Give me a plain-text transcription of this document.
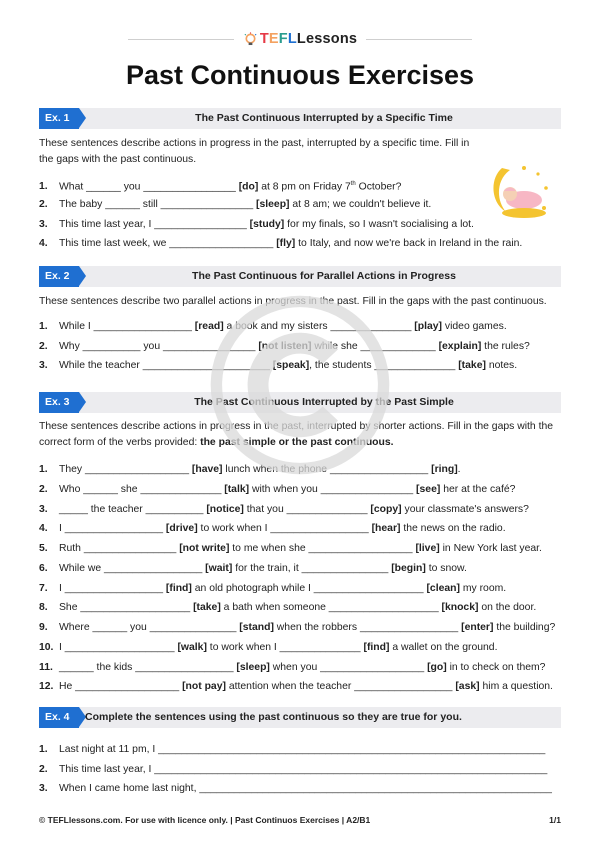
TEFLLessons
Past Continuous Exercises
Ex. 1	The Past Continuous Interrupted by a Specific Time
These sentences describe actions in progress in the past, interrupted by a specific time. Fill in the gaps with the past continuous.
1. What ______ you ________________ [do] at 8 pm on Friday 7th October?
2. The baby ______ still ________________ [sleep] at 8 am; we couldn't believe it.
3. This time last year, I ________________ [study] for my finals, so I wasn't socialising a lot.
4. This time last week, we __________________ [fly] to Italy, and now we're back in Ireland in the rain.
Ex. 2	The Past Continuous for Parallel Actions in Progress
These sentences describe two parallel actions in progress in the past. Fill in the gaps with the past continuous.
1. While I _________________ [read] a book and my sisters ______________ [play] video games.
2. Why __________ you ________________ [not listen] while she _____________ [explain] the rules?
3. While the teacher ______________________ [speak], the students ______________ [take] notes.
Ex. 3	The Past Continuous Interrupted by the Past Simple
These sentences describe actions in progress in the past, interrupted by shorter actions. Fill in the gaps with the correct form of the verbs provided: the past simple or the past continuous.
1. They __________________ [have] lunch when the phone _________________ [ring].
2. Who ______ she ______________ [talk] with when you ________________ [see] her at the café?
3. _____ the teacher __________ [notice] that you ______________ [copy] your classmate's answers?
4. I _________________ [drive] to work when I _________________ [hear] the news on the radio.
5. Ruth ________________ [not write] to me when she __________________ [live] in New York last year.
6. While we _________________ [wait] for the train, it _______________ [begin] to snow.
7. I _________________ [find] an old photograph while I ___________________ [clean] my room.
8. She ___________________ [take] a bath when someone ___________________ [knock] on the door.
9. Where ______ you _______________ [stand] when the robbers _________________ [enter] the building?
10. I ___________________ [walk] to work when I ______________ [find] a wallet on the ground.
11. ______ the kids _________________ [sleep] when you __________________ [go] in to check on them?
12. He __________________ [not pay] attention when the teacher _________________ [ask] him a question.
Ex. 4	Complete the sentences using the past continuous so they are true for you.
1. Last night at 11 pm, I ___________________________________________________________________
2. This time last year, I ____________________________________________________________________
3. When I came home last night, _____________________________________________________________
© TEFLlessons.com. For use with licence only. | Past Continuos Exercises | A2/B1	1/1
